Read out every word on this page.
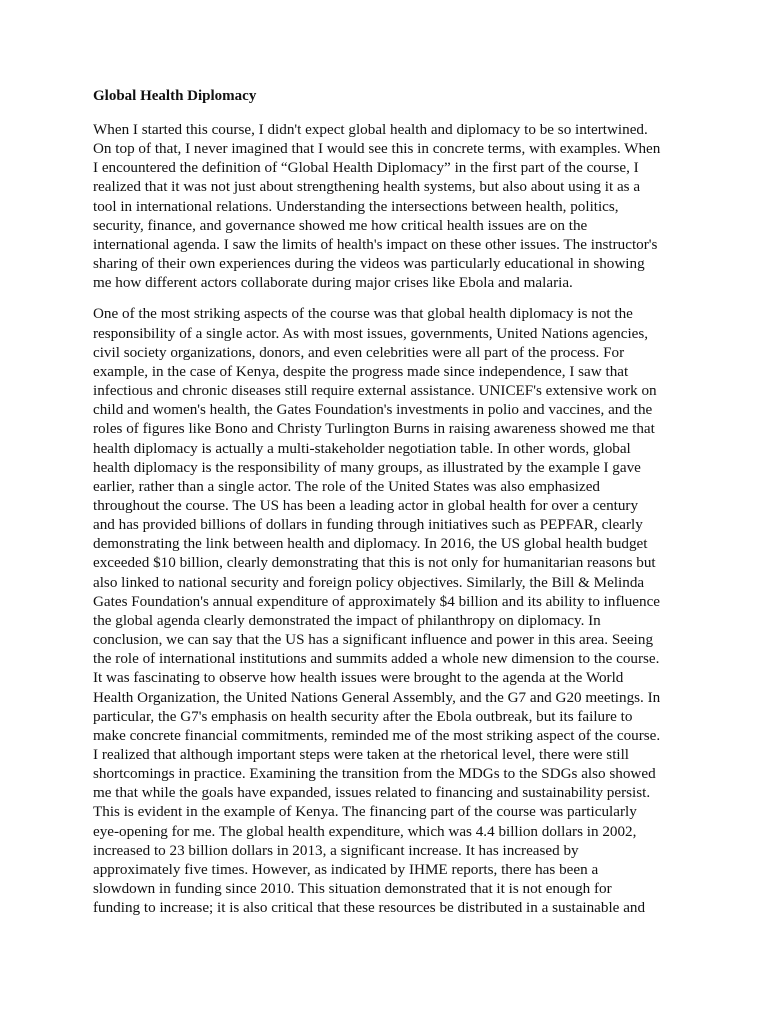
Global Health Diplomacy
When I started this course, I didn't expect global health and diplomacy to be so intertwined.
On top of that, I never imagined that I would see this in concrete terms, with examples. When
I encountered the definition of “Global Health Diplomacy” in the first part of the course, I
realized that it was not just about strengthening health systems, but also about using it as a
tool in international relations. Understanding the intersections between health, politics,
security, finance, and governance showed me how critical health issues are on the
international agenda. I saw the limits of health's impact on these other issues. The instructor's
sharing of their own experiences during the videos was particularly educational in showing
me how different actors collaborate during major crises like Ebola and malaria.
One of the most striking aspects of the course was that global health diplomacy is not the
responsibility of a single actor. As with most issues, governments, United Nations agencies,
civil society organizations, donors, and even celebrities were all part of the process. For
example, in the case of Kenya, despite the progress made since independence, I saw that
infectious and chronic diseases still require external assistance. UNICEF's extensive work on
child and women's health, the Gates Foundation's investments in polio and vaccines, and the
roles of figures like Bono and Christy Turlington Burns in raising awareness showed me that
health diplomacy is actually a multi-stakeholder negotiation table. In other words, global
health diplomacy is the responsibility of many groups, as illustrated by the example I gave
earlier, rather than a single actor. The role of the United States was also emphasized
throughout the course. The US has been a leading actor in global health for over a century
and has provided billions of dollars in funding through initiatives such as PEPFAR, clearly
demonstrating the link between health and diplomacy. In 2016, the US global health budget
exceeded $10 billion, clearly demonstrating that this is not only for humanitarian reasons but
also linked to national security and foreign policy objectives. Similarly, the Bill & Melinda
Gates Foundation's annual expenditure of approximately $4 billion and its ability to influence
the global agenda clearly demonstrated the impact of philanthropy on diplomacy. In
conclusion, we can say that the US has a significant influence and power in this area. Seeing
the role of international institutions and summits added a whole new dimension to the course.
It was fascinating to observe how health issues were brought to the agenda at the World
Health Organization, the United Nations General Assembly, and the G7 and G20 meetings. In
particular, the G7's emphasis on health security after the Ebola outbreak, but its failure to
make concrete financial commitments, reminded me of the most striking aspect of the course.
I realized that although important steps were taken at the rhetorical level, there were still
shortcomings in practice. Examining the transition from the MDGs to the SDGs also showed
me that while the goals have expanded, issues related to financing and sustainability persist.
This is evident in the example of Kenya. The financing part of the course was particularly
eye-opening for me. The global health expenditure, which was 4.4 billion dollars in 2002,
increased to 23 billion dollars in 2013, a significant increase. It has increased by
approximately five times. However, as indicated by IHME reports, there has been a
slowdown in funding since 2010. This situation demonstrated that it is not enough for
funding to increase; it is also critical that these resources be distributed in a sustainable and
